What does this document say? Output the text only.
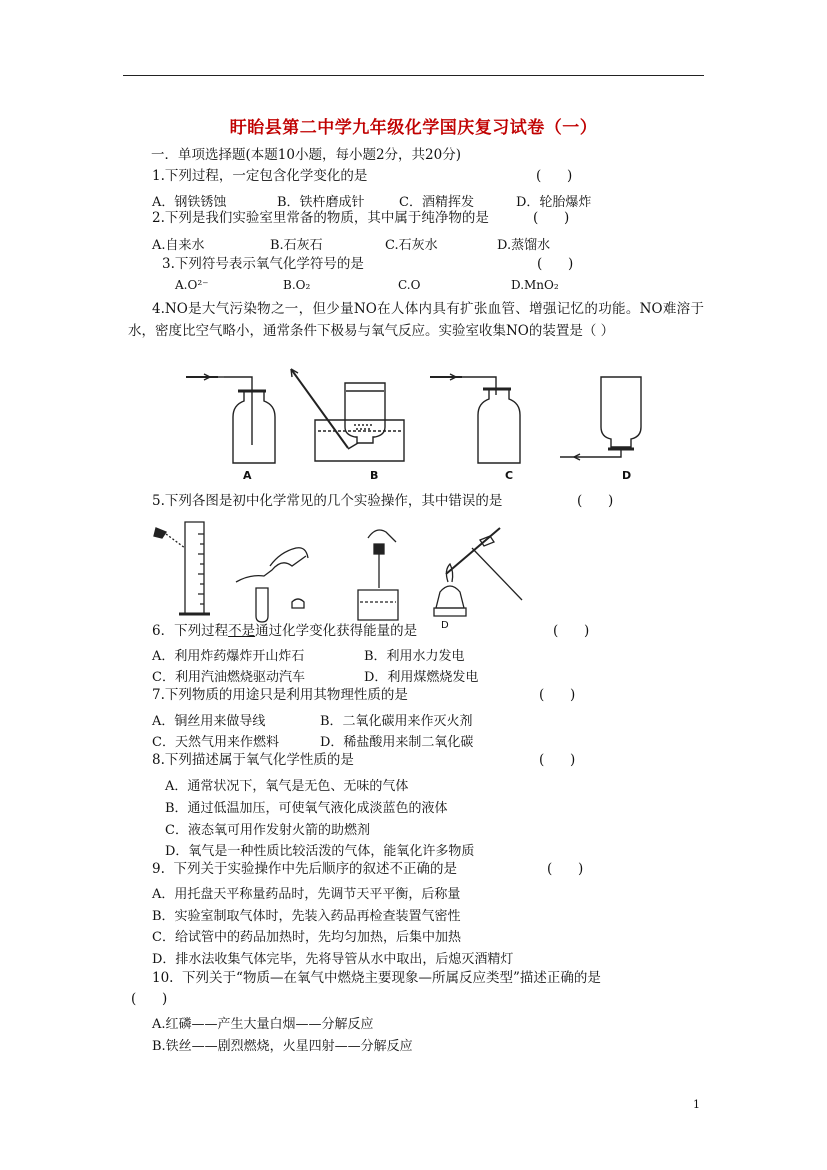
盱眙县第二中学九年级化学国庆复习试卷（一）
一．单项选择题(本题10小题，每小题2分，共20分)
1.下列过程，一定包含化学变化的是	(      )
A．钢铁锈蚀	B．铁杵磨成针	C．酒精挥发	D．轮胎爆炸
2.下列是我们实验室里常备的物质，其中属于纯净物的是	(      )
A.自来水	B.石灰石	C.石灰水	D.蒸馏水
3.下列符号表示氧气化学符号的是	(      )
A.O²⁻	B.O₂	C.O	D.MnO₂
4.NO是大气污染物之一，但少量NO在人体内具有扩张血管、增强记忆的功能。NO难溶于水，密度比空气略小，通常条件下极易与氧气反应。实验室收集NO的装置是（ ）
A	B	C	D
5.下列各图是初中化学常见的几个实验操作，其中错误的是	(      )
D
6．下列过程不是通过化学变化获得能量的是	(      )
A．利用炸药爆炸开山炸石	B．利用水力发电
C．利用汽油燃烧驱动汽车	D．利用煤燃烧发电
7.下列物质的用途只是利用其物理性质的是	(      )
A．铜丝用来做导线	B．二氧化碳用来作灭火剂
C．天然气用来作燃料	D．稀盐酸用来制二氧化碳
8.下列描述属于氧气化学性质的是	(      )
A．通常状况下，氧气是无色、无味的气体
B．通过低温加压，可使氧气液化成淡蓝色的液体
C．液态氧可用作发射火箭的助燃剂
D．氧气是一种性质比较活泼的气体，能氧化许多物质
9.  下列关于实验操作中先后顺序的叙述不正确的是	(      )
A．用托盘天平称量药品时，先调节天平平衡，后称量
B．实验室制取气体时，先装入药品再检查装置气密性
C．给试管中的药品加热时，先均匀加热，后集中加热
D．排水法收集气体完毕，先将导管从水中取出，后熄灭酒精灯
10.  下列关于“物质—在氧气中燃烧主要现象—所属反应类型”描述正确的是
(      )
A.红磷——产生大量白烟——分解反应
B.铁丝——剧烈燃烧，火星四射——分解反应
1
